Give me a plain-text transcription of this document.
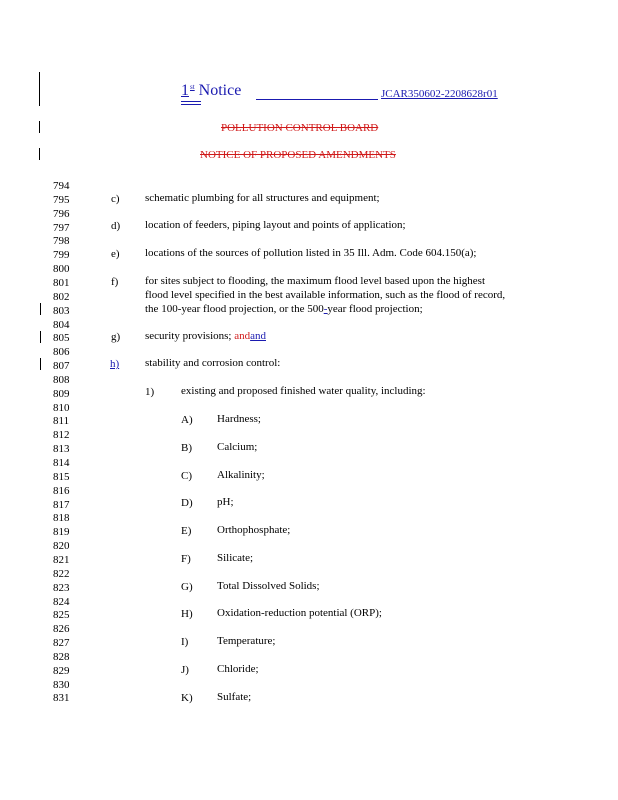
1st Notice	JCAR350602-2208628r01
POLLUTION CONTROL BOARD
NOTICE OF PROPOSED AMENDMENTS
794
795
796
797
798
799
800
801
802
803
804
805
806
807
808
809
810
811
812
813
814
815
816
817
818
819
820
821
822
823
824
825
826
827
828
829
830
831
c) schematic plumbing for all structures and equipment;
d) location of feeders, piping layout and points of application;
e) locations of the sources of pollution listed in 35 Ill. Adm. Code 604.150(a);
f) for sites subject to flooding, the maximum flood level based upon the highest
flood level specified in the best available information, such as the flood of record,
the 100-year flood projection, or the 500-year flood projection;
g) security provisions; andand
h) stability and corrosion control:
1) existing and proposed finished water quality, including:
A) Hardness;
B) Calcium;
C) Alkalinity;
D) pH;
E) Orthophosphate;
F) Silicate;
G) Total Dissolved Solids;
H) Oxidation-reduction potential (ORP);
I)	Temperature;
J)	Chloride;
K) Sulfate;
